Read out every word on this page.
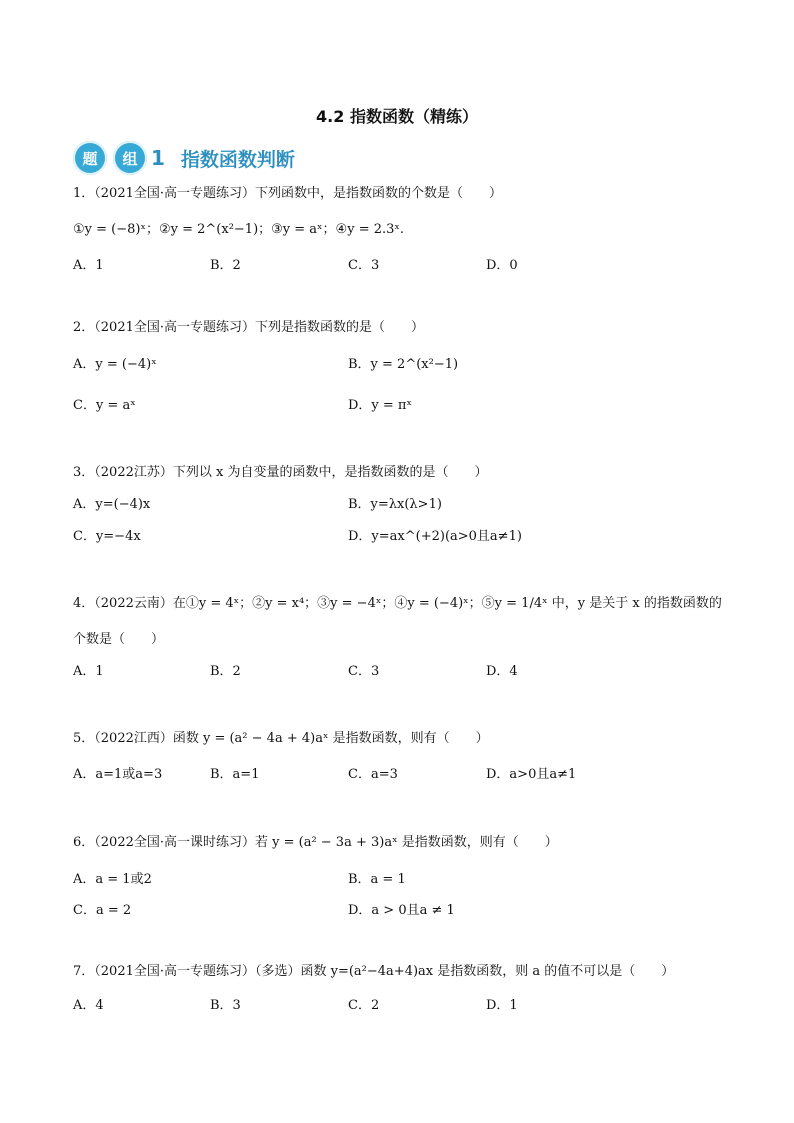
4.2 指数函数（精练）
题	组 1 指数函数判断
1．（2021全国·高一专题练习）下列函数中，是指数函数的个数是（　　）
①y = (−8)ˣ；②y = 2^(x²−1)；③y = aˣ；④y = 2.3ˣ.
A．1	B．2	C．3	D．0
2．（2021全国·高一专题练习）下列是指数函数的是（　　）
A．y = (−4)ˣ	B．y = 2^(x²−1)
C．y = aˣ	D．y = πˣ
3．（2022江苏）下列以 x 为自变量的函数中，是指数函数的是（　　）
A．y=(−4)x	B．y=λx(λ>1)
C．y=−4x	D．y=ax^(+2)(a>0且a≠1)
4．（2022云南）在①y = 4ˣ；②y = x⁴；③y = −4ˣ；④y = (−4)ˣ；⑤y = 1/4ˣ 中，y 是关于 x 的指数函数的
个数是（　　）
A．1	B．2	C．3	D．4
5．（2022江西）函数 y = (a² − 4a + 4)aˣ 是指数函数，则有（　　）
A．a=1或a=3	B．a=1	C．a=3	D．a>0且a≠1
6．（2022全国·高一课时练习）若 y = (a² − 3a + 3)aˣ 是指数函数，则有（　　）
A．a = 1或2	B．a = 1
C．a = 2	D．a > 0且a ≠ 1
7．（2021全国·高一专题练习）（多选）函数 y=(a²−4a+4)ax 是指数函数，则 a 的值不可以是（　　）
A．4	B．3	C．2	D．1
